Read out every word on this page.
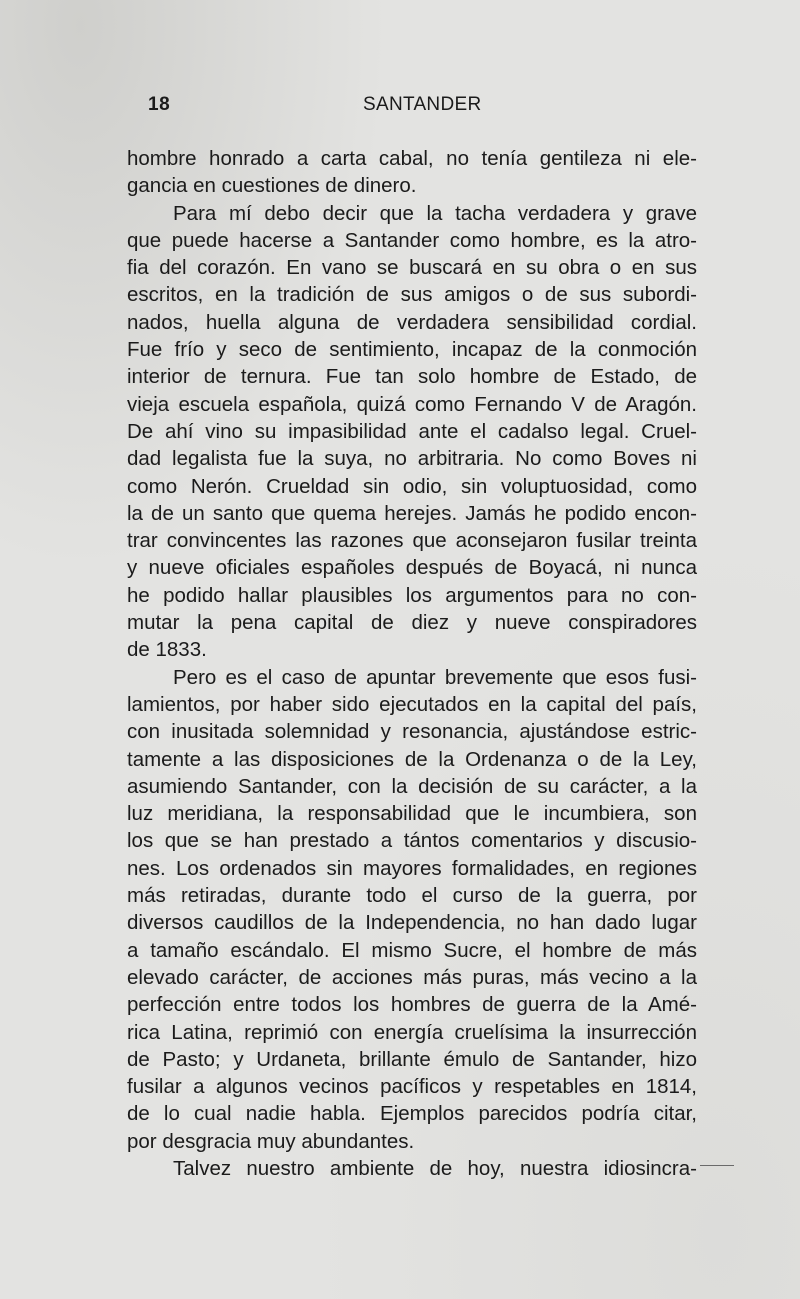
18	SANTANDER
hombre honrado a carta cabal, no tenía gentileza ni ele-
gancia en cuestiones de dinero.
Para mí debo decir que la tacha verdadera y grave
que puede hacerse a Santander como hombre, es la atro-
fia del corazón. En vano se buscará en su obra o en sus
escritos, en la tradición de sus amigos o de sus subordi-
nados, huella alguna de verdadera sensibilidad cordial.
Fue frío y seco de sentimiento, incapaz de la conmoción
interior de ternura. Fue tan solo hombre de Estado, de
vieja escuela española, quizá como Fernando V de Aragón.
De ahí vino su impasibilidad ante el cadalso legal. Cruel-
dad legalista fue la suya, no arbitraria. No como Boves ni
como Nerón. Crueldad sin odio, sin voluptuosidad, como
la de un santo que quema herejes. Jamás he podido encon-
trar convincentes las razones que aconsejaron fusilar treinta
y nueve oficiales españoles después de Boyacá, ni nunca
he podido hallar plausibles los argumentos para no con-
mutar la pena capital de diez y nueve conspiradores
de 1833.
Pero es el caso de apuntar brevemente que esos fusi-
lamientos, por haber sido ejecutados en la capital del país,
con inusitada solemnidad y resonancia, ajustándose estric-
tamente a las disposiciones de la Ordenanza o de la Ley,
asumiendo Santander, con la decisión de su carácter, a la
luz meridiana, la responsabilidad que le incumbiera, son
los que se han prestado a tántos comentarios y discusio-
nes. Los ordenados sin mayores formalidades, en regiones
más retiradas, durante todo el curso de la guerra, por
diversos caudillos de la Independencia, no han dado lugar
a tamaño escándalo. El mismo Sucre, el hombre de más
elevado carácter, de acciones más puras, más vecino a la
perfección entre todos los hombres de guerra de la Amé-
rica Latina, reprimió con energía cruelísima la insurrección
de Pasto; y Urdaneta, brillante émulo de Santander, hizo
fusilar a algunos vecinos pacíficos y respetables en 1814,
de lo cual nadie habla. Ejemplos parecidos podría citar,
por desgracia muy abundantes.
Talvez nuestro ambiente de hoy, nuestra idiosincra-
